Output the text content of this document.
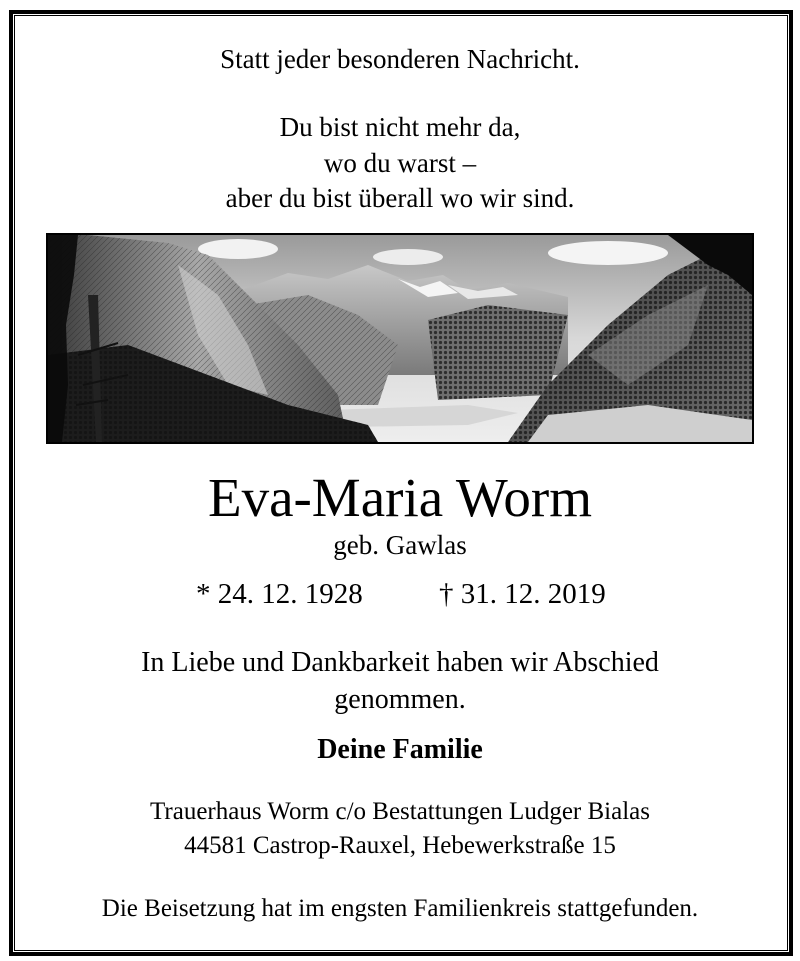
Statt jeder besonderen Nachricht.
Du bist nicht mehr da,
wo du warst –
aber du bist überall wo wir sind.
Eva-Maria Worm
geb. Gawlas
* 24. 12. 1928	† 31. 12. 2019
In Liebe und Dankbarkeit haben wir Abschied
genommen.
Deine Familie
Trauerhaus Worm c/o Bestattungen Ludger Bialas
44581 Castrop-Rauxel, Hebewerkstraße 15
Die Beisetzung hat im engsten Familienkreis stattgefunden.
